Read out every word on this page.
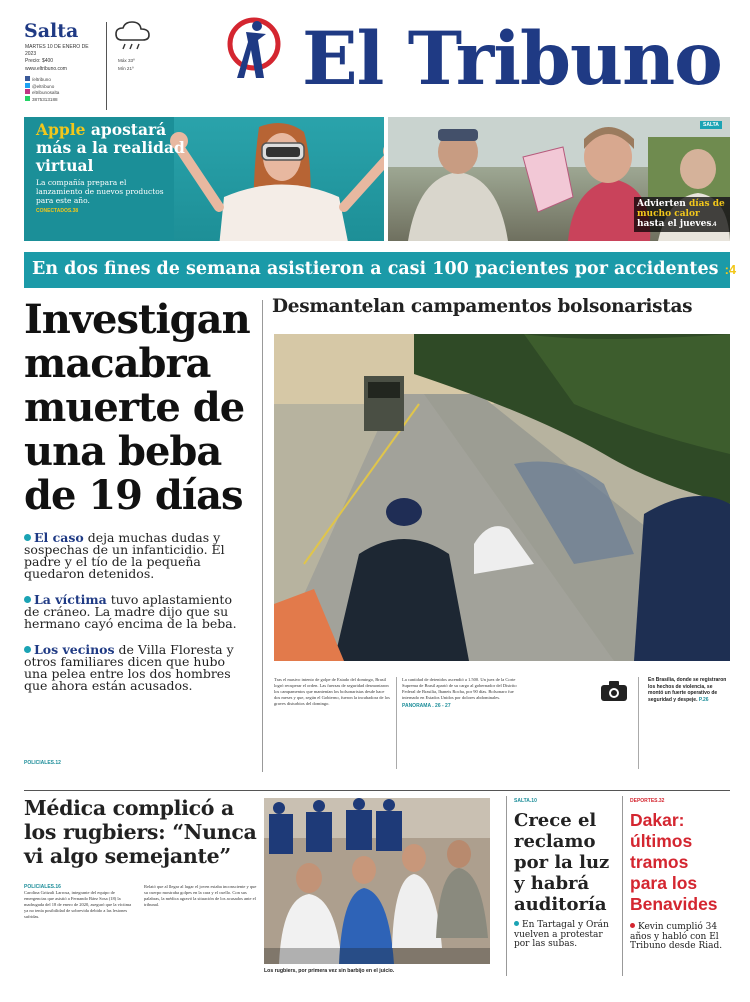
Salta
MARTES 10 DE ENERO DE 2023
Precio: $400
www.eltribuno.com
/eltribuno
@eltribuno
eltribunosalta
3875313188
Máx 33º
Mín 21º El Tribuno
Apple apostará más a la realidad virtual
La compañía prepara el lanzamiento de nuevos productos para este año.
CONECTADOS.38
SALTA
Advierten días de mucho calor hasta el jueves.4
En dos fines de semana asistieron a casi 100 pacientes por accidentes :4
Investigan macabra muerte de una beba de 19 días
El caso deja muchas dudas y sospechas de un infanticidio. El padre y el tío de la pequeña quedaron detenidos.
La víctima tuvo aplastamiento de cráneo. La madre dijo que su hermano cayó encima de la beba.
Los vecinos de Villa Floresta y otros familiares dicen que hubo una pelea entre los dos hombres que ahora están acusados.
POLICIALES.12
Desmantelan campamentos bolsonaristas
Tras el masivo intento de golpe de Estado del domingo, Brasil logró recuperar el orden. Las fuerzas de seguridad desmontaron los campamentos que mantenían los bolsonaristas desde hace dos meses y que, según el Gobierno, fueron la incubadora de los graves disturbios del domingo.
La cantidad de detenidos ascendió a 1.500. Un juez de la Corte Suprema de Brasil apartó de su cargo al gobernador del Distrito Federal de Brasilia, Ibaneis Rocha, por 90 días. Bolsonaro fue internado en Estados Unidos por dolores abdominales.
PANORAMA . 26 - 27
En Brasilia, donde se registraron los hechos de violencia, se montó un fuerte operativo de seguridad y despeje. P.26
Médica complicó a los rugbiers: “Nunca vi algo semejante”
POLICIALES.16
Carolina Gritzali Larrosa, integrante del equipo de emergencias que asistió a Fernando Báez Sosa (18) la madrugada del 18 de enero de 2020, aseguró que la víctima ya no tenía posibilidad de sobrevida debido a las lesiones sufridas.
Relató que al llegar al lugar el joven estaba inconsciente y que su cuerpo mostraba golpes en la cara y el cuello. Con sus palabras, la médica agravó la situación de los acusados ante el tribunal.
Los rugbiers, por primera vez sin barbijo en el juicio.
SALTA.10
Crece el reclamo por la luz y habrá auditoría
En Tartagal y Orán vuelven a protestar por las subas.
DEPORTES.32
Dakar: últimos tramos para los Benavides
Kevin cumplió 34 años y habló con El Tribuno desde Riad.
